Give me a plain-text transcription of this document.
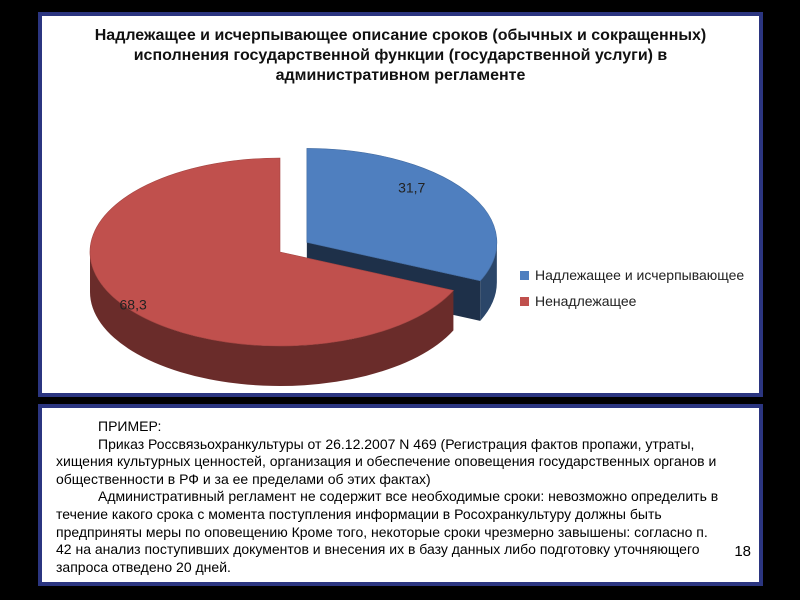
Надлежащее и исчерпывающее описание сроков (обычных и сокращенных)
исполнения государственной функции (государственной услуги) в
административном регламенте
31,7
68,3
Надлежащее и исчерпывающее
Ненадлежащее

ПРИМЕР:

Приказ Россвязьохранкультуры от 26.12.2007 N 469 (Регистрация фактов пропажи, утраты, хищения культурных ценностей, организация и обеспечение оповещения государственных органов и общественности в РФ и за ее пределами об этих фактах)

Административный регламент не содержит все необходимые сроки: невозможно определить в течение какого срока с момента поступления информации в Росохранкультуру должны быть предприняты меры по оповещению Кроме того, некоторые сроки чрезмерно завышены: согласно п. 42 на анализ поступивших документов и внесения их в базу данных либо подготовку уточняющего запроса отведено 20 дней.

18
